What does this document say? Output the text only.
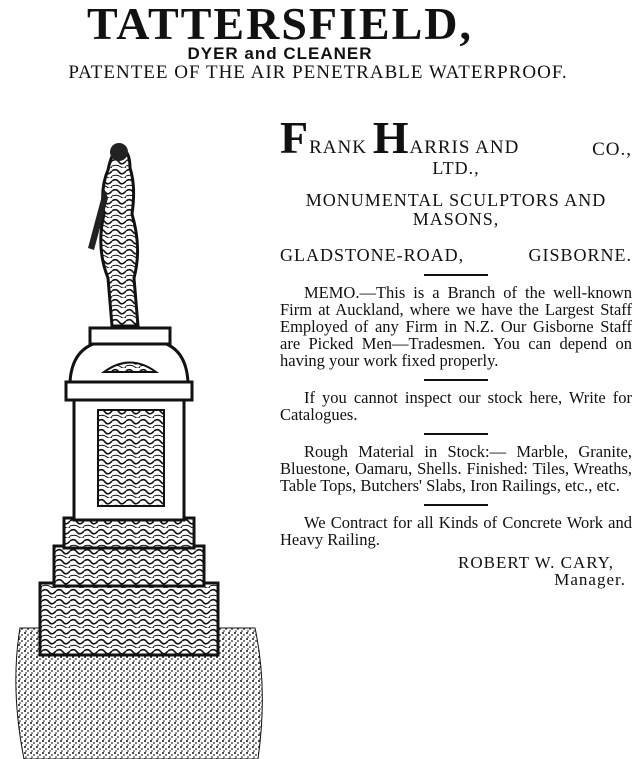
TATTERSFIELD,
DYER and CLEANER
PATENTEE OF THE AIR PENETRABLE WATERPROOF.
FRANK HARRIS AND	CO.,
LTD.,
MONUMENTAL SCULPTORS AND
MASONS,
GLADSTONE-ROAD,	GISBORNE.
MEMO.—This is a Branch of the well-known Firm at Auckland, where we have the Largest Staff Employed of any Firm in N.Z. Our Gisborne Staff are Picked Men—Tradesmen. You can depend on having your work fixed properly.
If you cannot inspect our stock here, Write for Catalogues.
Rough Material in Stock:— Marble, Granite, Bluestone, Oamaru, Shells. Finished: Tiles, Wreaths, Table Tops, Butchers' Slabs, Iron Railings, etc., etc.
We Contract for all Kinds of Concrete Work and Heavy Railing.
ROBERT W. CARY,
Manager.
